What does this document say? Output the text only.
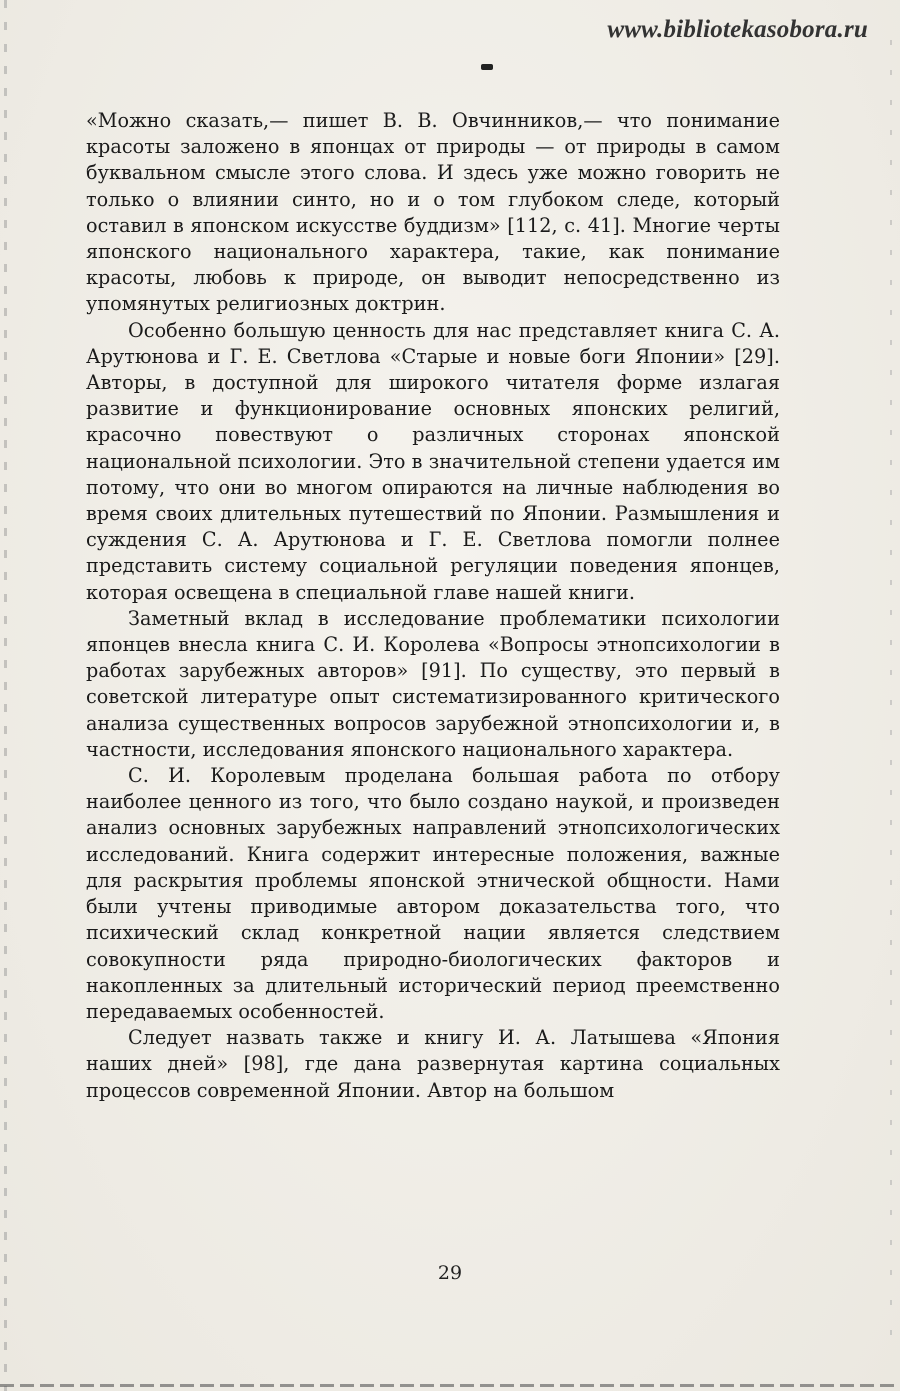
www.bibliotekasobora.ru

«Можно сказать,— пишет В. В. Овчинников,— что понимание красоты заложено в японцах от природы — от природы в самом буквальном смысле этого слова. И здесь уже можно говорить не только о влиянии синто, но и о том глубоком следе, который оставил в японском искусстве буддизм» [112, с. 41]. Многие черты японского национального характера, такие, как понимание красоты, любовь к природе, он выводит непосредственно из упомянутых религиозных доктрин.

Особенно большую ценность для нас представляет книга С. А. Арутюнова и Г. Е. Светлова «Старые и новые боги Японии» [29]. Авторы, в доступной для широкого читателя форме излагая развитие и функционирование основных японских религий, красочно повествуют о различных сторонах японской национальной психологии. Это в значительной степени удается им потому, что они во многом опираются на личные наблюдения во время своих длительных путешествий по Японии. Размышления и суждения С. А. Арутюнова и Г. Е. Светлова помогли полнее представить систему социальной регуляции поведения японцев, которая освещена в специальной главе нашей книги.

Заметный вклад в исследование проблематики психологии японцев внесла книга С. И. Королева «Вопросы этнопсихологии в работах зарубежных авторов» [91]. По существу, это первый в советской литературе опыт систематизированного критического анализа существенных вопросов зарубежной этнопсихологии и, в частности, исследования японского национального характера.

С. И. Королевым проделана большая работа по отбору наиболее ценного из того, что было создано наукой, и произведен анализ основных зарубежных направлений этнопсихологических исследований. Книга содержит интересные положения, важные для раскрытия проблемы японской этнической общности. Нами были учтены приводимые автором доказательства того, что психический склад конкретной нации является следствием совокупности ряда природно-биологических факторов и накопленных за длительный исторический период преемственно передаваемых особенностей.

Следует назвать также и книгу И. А. Латышева «Япония наших дней» [98], где дана развернутая картина социальных процессов современной Японии. Автор на большом

29
